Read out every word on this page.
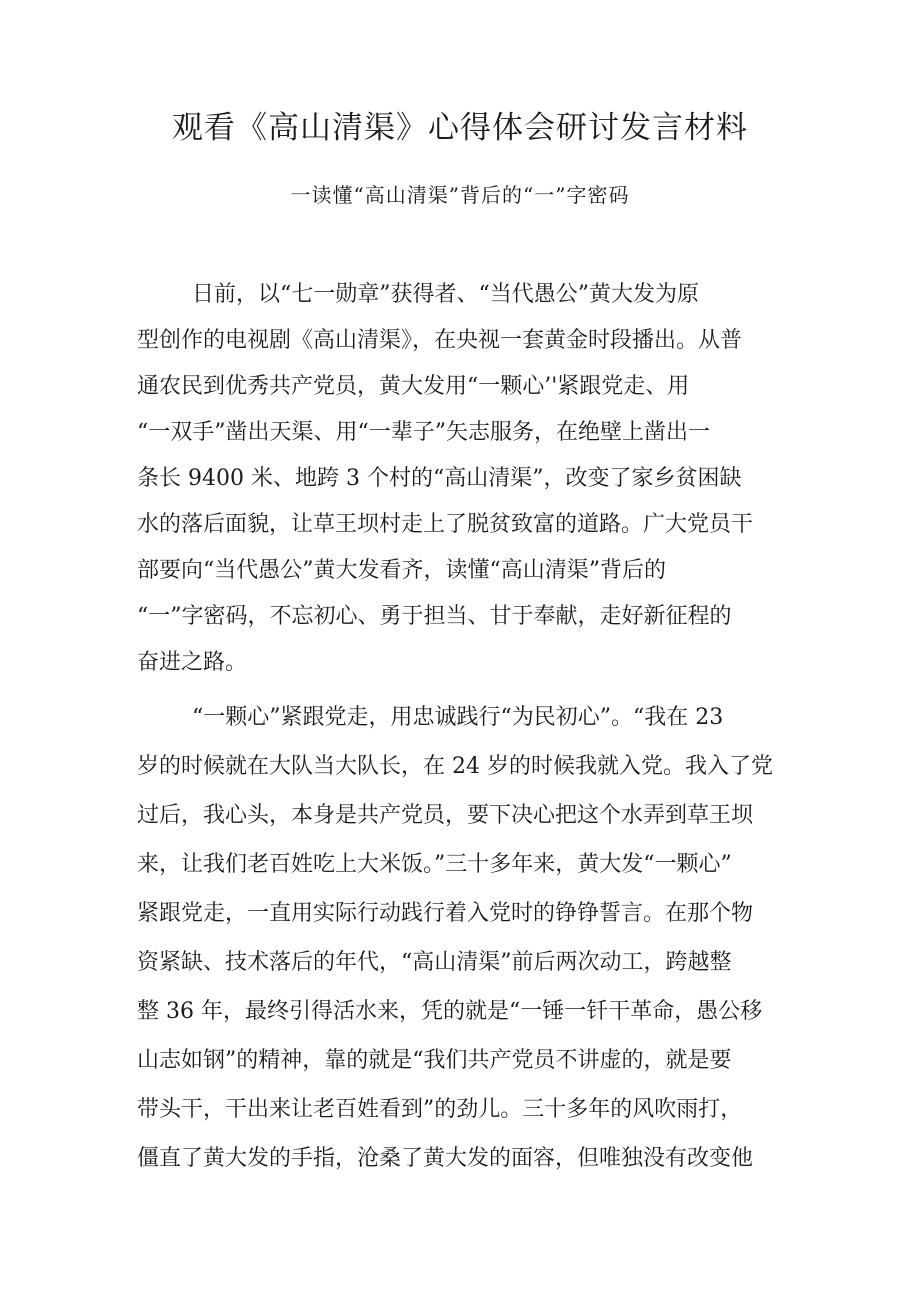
观看《高山清渠》心得体会研讨发言材料
一读懂“高山清渠”背后的“一”字密码
日前，以“七一勋章”获得者、“当代愚公”黄大发为原
型创作的电视剧《高山清渠》，在央视一套黄金时段播出。从普
通农民到优秀共产党员，黄大发用“一颗心’'紧跟党走、用
“一双手”凿出天渠、用“一辈子”矢志服务，在绝壁上凿出一
条长 9400 米、地跨 3 个村的“高山清渠”，改变了家乡贫困缺
水的落后面貌，让草王坝村走上了脱贫致富的道路。广大党员干
部要向“当代愚公”黄大发看齐，读懂“高山清渠”背后的
“一”字密码，不忘初心、勇于担当、甘于奉献，走好新征程的
奋进之路。
“一颗心”紧跟党走，用忠诚践行“为民初心”。“我在 23
岁的时候就在大队当大队长，在 24 岁的时候我就入党。我入了党
过后，我心头，本身是共产党员，要下决心把这个水弄到草王坝
来，让我们老百姓吃上大米饭。”三十多年来，黄大发“一颗心”
紧跟党走，一直用实际行动践行着入党时的铮铮誓言。在那个物
资紧缺、技术落后的年代，“高山清渠”前后两次动工，跨越整
整 36 年，最终引得活水来，凭的就是“一锤一钎干革命，愚公移
山志如钢”的精神，靠的就是“我们共产党员不讲虚的，就是要
带头干，干出来让老百姓看到”的劲儿。三十多年的风吹雨打，
僵直了黄大发的手指，沧桑了黄大发的面容，但唯独没有改变他
